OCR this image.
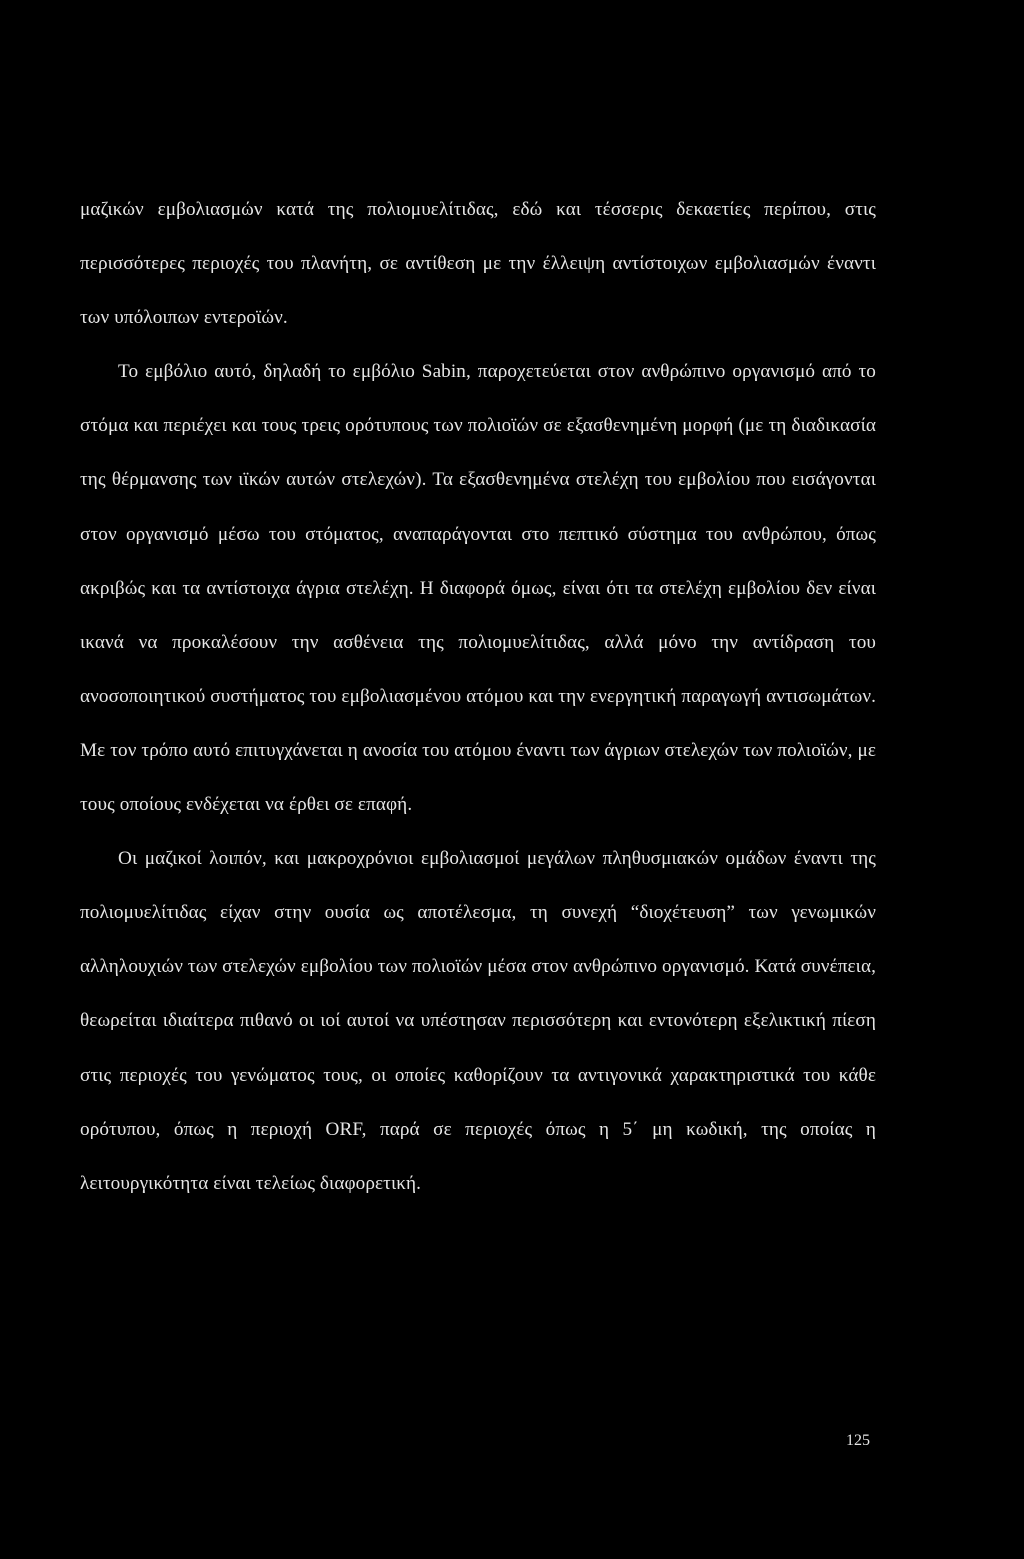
μαζικών εμβολιασμών κατά της πολιομυελίτιδας, εδώ και τέσσερις δεκαετίες περίπου, στις περισσότερες περιοχές του πλανήτη, σε αντίθεση με την έλλειψη αντίστοιχων εμβολιασμών έναντι των υπόλοιπων εντεροϊών.

Το εμβόλιο αυτό, δηλαδή το εμβόλιο Sabin, παροχετεύεται στον ανθρώπινο οργανισμό από το στόμα και περιέχει και τους τρεις ορότυπους των πολιοϊών σε εξασθενημένη μορφή (με τη διαδικασία της θέρμανσης των ιϊκών αυτών στελεχών). Τα εξασθενημένα στελέχη του εμβολίου που εισάγονται στον οργανισμό μέσω του στόματος, αναπαράγονται στο πεπτικό σύστημα του ανθρώπου, όπως ακριβώς και τα αντίστοιχα άγρια στελέχη. Η διαφορά όμως, είναι ότι τα στελέχη εμβολίου δεν είναι ικανά να προκαλέσουν την ασθένεια της πολιομυελίτιδας, αλλά μόνο την αντίδραση του ανοσοποιητικού συστήματος του εμβολιασμένου ατόμου και την ενεργητική παραγωγή αντισωμάτων. Με τον τρόπο αυτό επιτυγχάνεται η ανοσία του ατόμου έναντι των άγριων στελεχών των πολιοϊών, με τους οποίους ενδέχεται να έρθει σε επαφή.

Οι μαζικοί λοιπόν, και μακροχρόνιοι εμβολιασμοί μεγάλων πληθυσμιακών ομάδων έναντι της πολιομυελίτιδας είχαν στην ουσία ως αποτέλεσμα, τη συνεχή “διοχέτευση” των γενωμικών αλληλουχιών των στελεχών εμβολίου των πολιοϊών μέσα στον ανθρώπινο οργανισμό. Κατά συνέπεια, θεωρείται ιδιαίτερα πιθανό οι ιοί αυτοί να υπέστησαν περισσότερη και εντονότερη εξελικτική πίεση στις περιοχές του γενώματος τους, οι οποίες καθορίζουν τα αντιγονικά χαρακτηριστικά του κάθε ορότυπου, όπως η περιοχή ORF, παρά σε περιοχές όπως η 5΄ μη κωδική, της οποίας η λειτουργικότητα είναι τελείως διαφορετική.

125
